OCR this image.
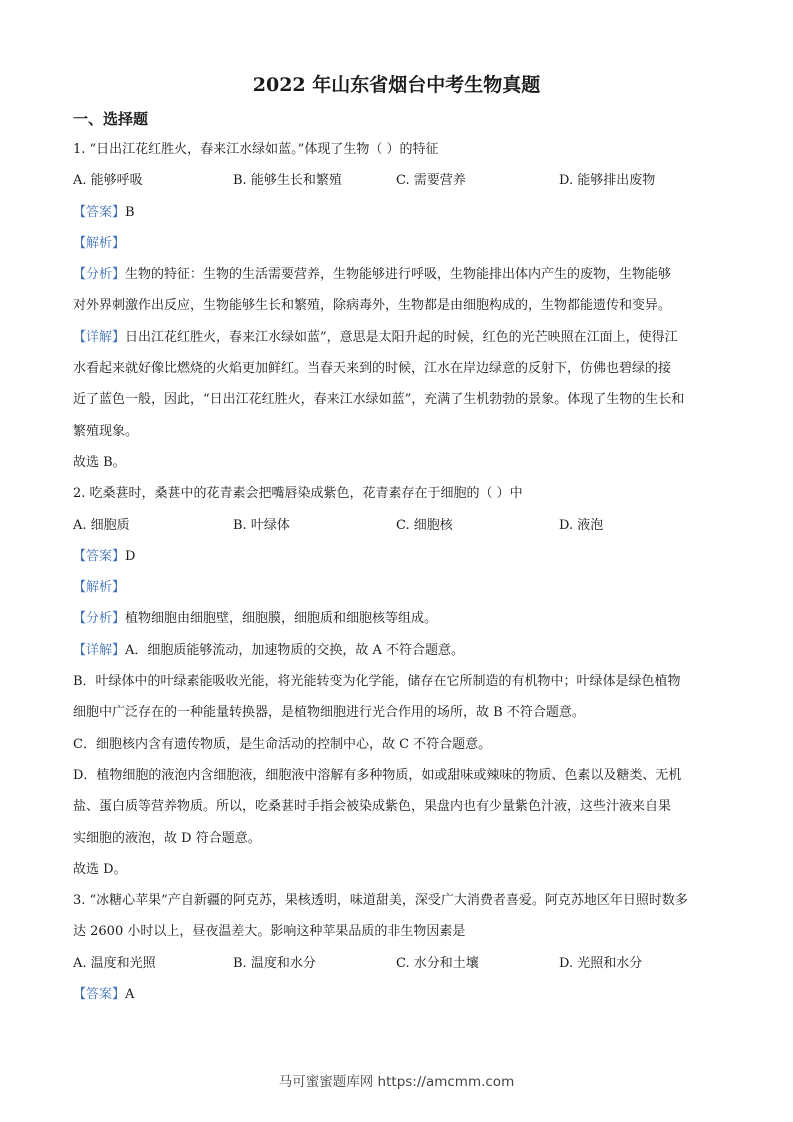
2022 年山东省烟台中考生物真题
一、选择题
1. “日出江花红胜火，春来江水绿如蓝。”体现了生物（ ）的特征
A. 能够呼吸	B. 能够生长和繁殖	C. 需要营养	D. 能够排出废物
【答案】B
【解析】
【分析】生物的特征：生物的生活需要营养，生物能够进行呼吸，生物能排出体内产生的废物，生物能够
对外界刺激作出反应，生物能够生长和繁殖，除病毒外，生物都是由细胞构成的，生物都能遗传和变异。
【详解】日出江花红胜火，春来江水绿如蓝”，意思是太阳升起的时候，红色的光芒映照在江面上，使得江
水看起来就好像比燃烧的火焰更加鲜红。当春天来到的时候，江水在岸边绿意的反射下，仿佛也碧绿的接
近了蓝色一般，因此，“日出江花红胜火，春来江水绿如蓝”，充满了生机勃勃的景象。体现了生物的生长和
繁殖现象。
故选 B。
2. 吃桑葚时，桑葚中的花青素会把嘴唇染成紫色，花青素存在于细胞的（ ）中
A. 细胞质	B. 叶绿体	C. 细胞核	D. 液泡
【答案】D
【解析】
【分析】植物细胞由细胞壁，细胞膜，细胞质和细胞核等组成。
【详解】A．细胞质能够流动，加速物质的交换，故 A 不符合题意。
B．叶绿体中的叶绿素能吸收光能，将光能转变为化学能，储存在它所制造的有机物中；叶绿体是绿色植物
细胞中广泛存在的一种能量转换器，是植物细胞进行光合作用的场所，故 B 不符合题意。
C．细胞核内含有遗传物质，是生命活动的控制中心，故 C 不符合题意。
D．植物细胞的液泡内含细胞液，细胞液中溶解有多种物质，如或甜味或辣味的物质、色素以及糖类、无机
盐、蛋白质等营养物质。所以，吃桑葚时手指会被染成紫色，果盘内也有少量紫色汁液，这些汁液来自果
实细胞的液泡，故 D 符合题意。
故选 D。
3. “冰糖心苹果”产自新疆的阿克苏，果核透明，味道甜美，深受广大消费者喜爱。阿克苏地区年日照时数多
达 2600 小时以上，昼夜温差大。影响这种苹果品质的非生物因素是
A. 温度和光照	B. 温度和水分	C. 水分和土壤	D. 光照和水分
【答案】A
马可蜜蜜题库网 https://amcmm.com
